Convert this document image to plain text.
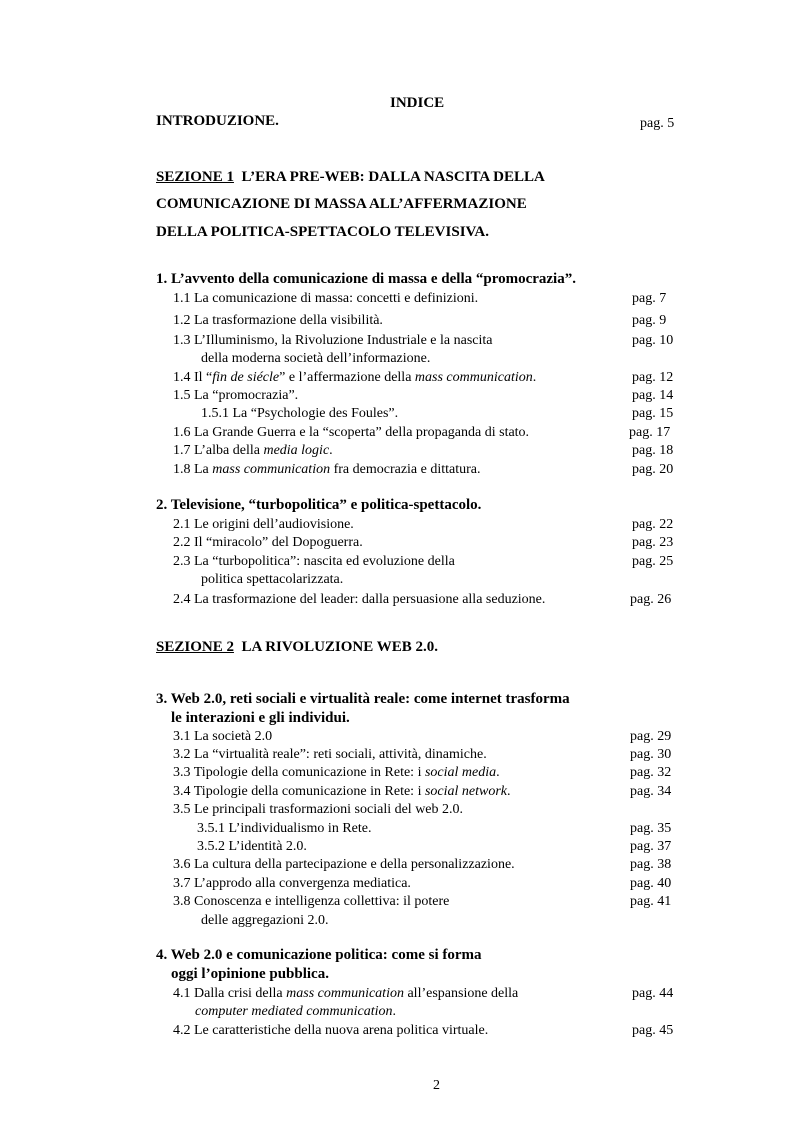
INDICE
INTRODUZIONE.	pag. 5
SEZIONE 1 L’ERA PRE-WEB: DALLA NASCITA DELLA
COMUNICAZIONE DI MASSA ALL’AFFERMAZIONE
DELLA POLITICA-SPETTACOLO TELEVISIVA.
1. L’avvento della comunicazione di massa e della “promocrazia”.
1.1 La comunicazione di massa: concetti e definizioni.	pag. 7
1.2 La trasformazione della visibilità.	pag. 9
1.3 L’Illuminismo, la Rivoluzione Industriale e la nascita
della moderna società dell’informazione.
pag. 10
1.4 Il “fin de siécle” e l’affermazione della mass communication.	pag. 12
1.5 La “promocrazia”.	pag. 14
1.5.1 La “Psychologie des Foules”.	pag. 15
1.6 La Grande Guerra e la “scoperta” della propaganda di stato.	pag. 17
1.7 L’alba della media logic.	pag. 18
1.8 La mass communication fra democrazia e dittatura.	pag. 20
2. Televisione, “turbopolitica” e politica-spettacolo.
2.1 Le origini dell’audiovisione.	pag. 22
2.2 Il “miracolo” del Dopoguerra.	pag. 23
2.3 La “turbopolitica”: nascita ed evoluzione della
politica spettacolarizzata.
pag. 25
2.4 La trasformazione del leader: dalla persuasione alla seduzione.	pag. 26
SEZIONE 2 LA RIVOLUZIONE WEB 2.0.
3. Web 2.0, reti sociali e virtualità reale: come internet trasforma
le interazioni e gli individui.
3.1 La società 2.0	pag. 29
3.2 La “virtualità reale”: reti sociali, attività, dinamiche.	pag. 30
3.3 Tipologie della comunicazione in Rete: i social media.	pag. 32
3.4 Tipologie della comunicazione in Rete: i social network.	pag. 34
3.5 Le principali trasformazioni sociali del web 2.0.
3.5.1 L’individualismo in Rete.	pag. 35
3.5.2 L’identità 2.0.	pag. 37
3.6 La cultura della partecipazione e della personalizzazione.	pag. 38
3.7 L’approdo alla convergenza mediatica.	pag. 40
3.8 Conoscenza e intelligenza collettiva: il potere
delle aggregazioni 2.0.
pag. 41
4. Web 2.0 e comunicazione politica: come si forma
oggi l’opinione pubblica.
4.1 Dalla crisi della mass communication all’espansione della
computer mediated communication.
pag. 44
4.2 Le caratteristiche della nuova arena politica virtuale.	pag. 45
2
